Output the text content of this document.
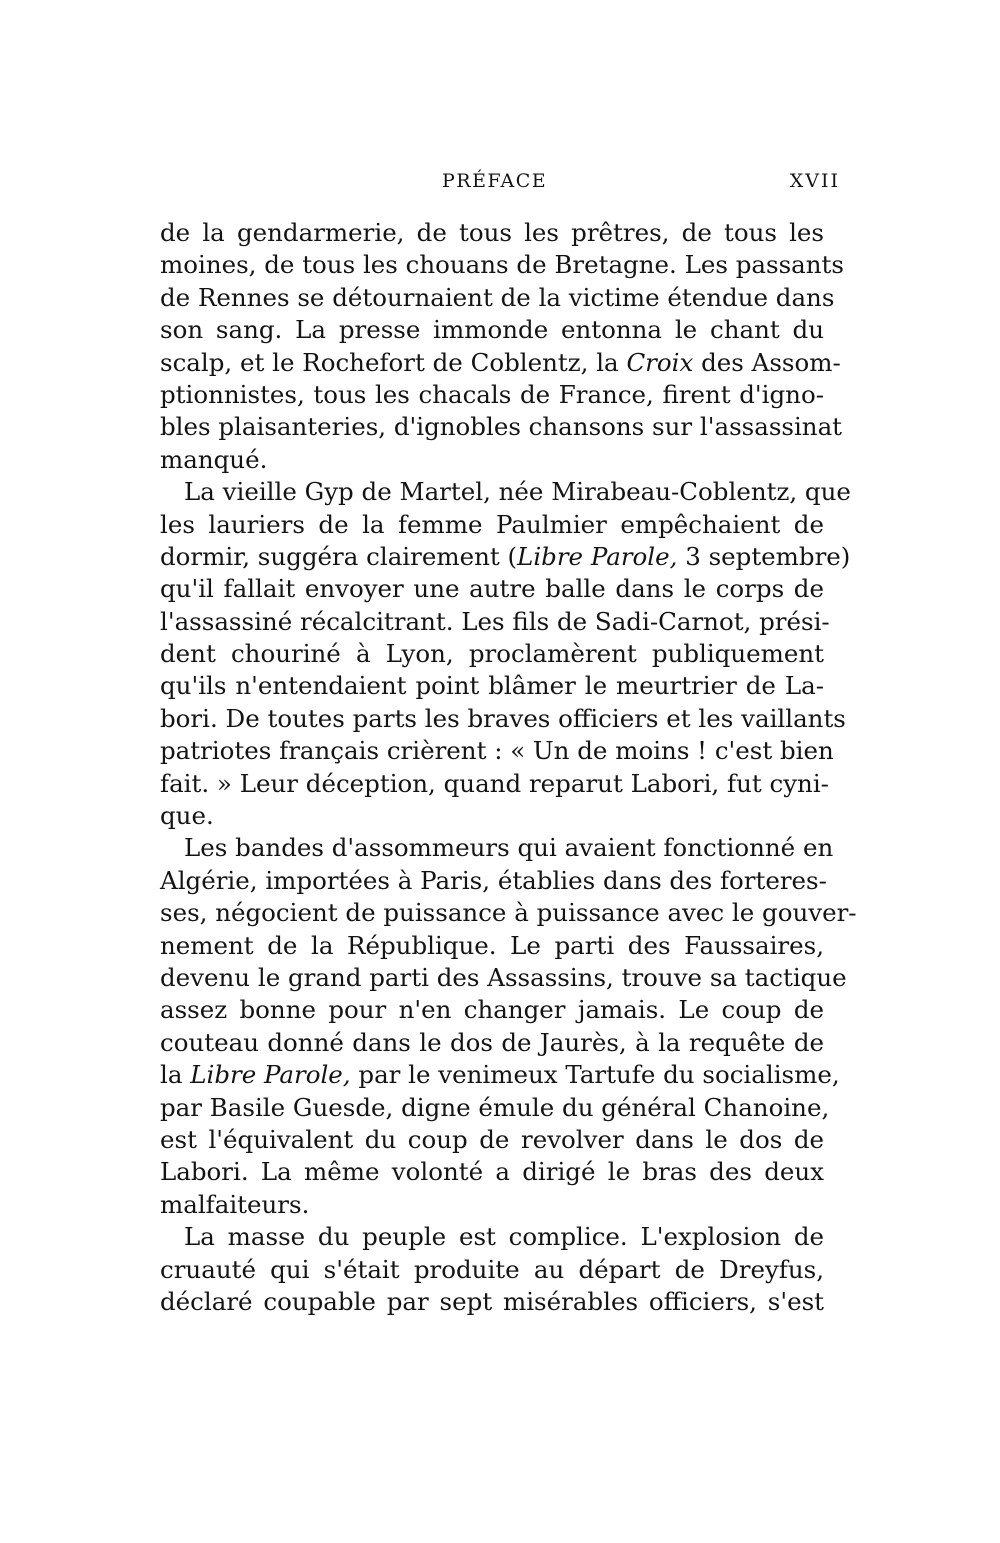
PRÉFACE	XVII
de la gendarmerie, de tous les prêtres, de tous les
moines, de tous les chouans de Bretagne. Les passants
de Rennes se détournaient de la victime étendue dans
son sang. La presse immonde entonna le chant du
scalp, et le Rochefort de Coblentz, la Croix des Assom-
ptionnistes, tous les chacals de France, firent d'igno-
bles plaisanteries, d'ignobles chansons sur l'assassinat
manqué.
La vieille Gyp de Martel, née Mirabeau-Coblentz, que
les lauriers de la femme Paulmier empêchaient de
dormir, suggéra clairement (Libre Parole, 3 septembre)
qu'il fallait envoyer une autre balle dans le corps de
l'assassiné récalcitrant. Les fils de Sadi-Carnot, prési-
dent chouriné à Lyon, proclamèrent publiquement
qu'ils n'entendaient point blâmer le meurtrier de La-
bori. De toutes parts les braves officiers et les vaillants
patriotes français crièrent : « Un de moins ! c'est bien
fait. » Leur déception, quand reparut Labori, fut cyni-
que.
Les bandes d'assommeurs qui avaient fonctionné en
Algérie, importées à Paris, établies dans des forteres-
ses, négocient de puissance à puissance avec le gouver-
nement de la République. Le parti des Faussaires,
devenu le grand parti des Assassins, trouve sa tactique
assez bonne pour n'en changer jamais. Le coup de
couteau donné dans le dos de Jaurès, à la requête de
la Libre Parole, par le venimeux Tartufe du socialisme,
par Basile Guesde, digne émule du général Chanoine,
est l'équivalent du coup de revolver dans le dos de
Labori. La même volonté a dirigé le bras des deux
malfaiteurs.
La masse du peuple est complice. L'explosion de
cruauté qui s'était produite au départ de Dreyfus,
déclaré coupable par sept misérables officiers, s'est
